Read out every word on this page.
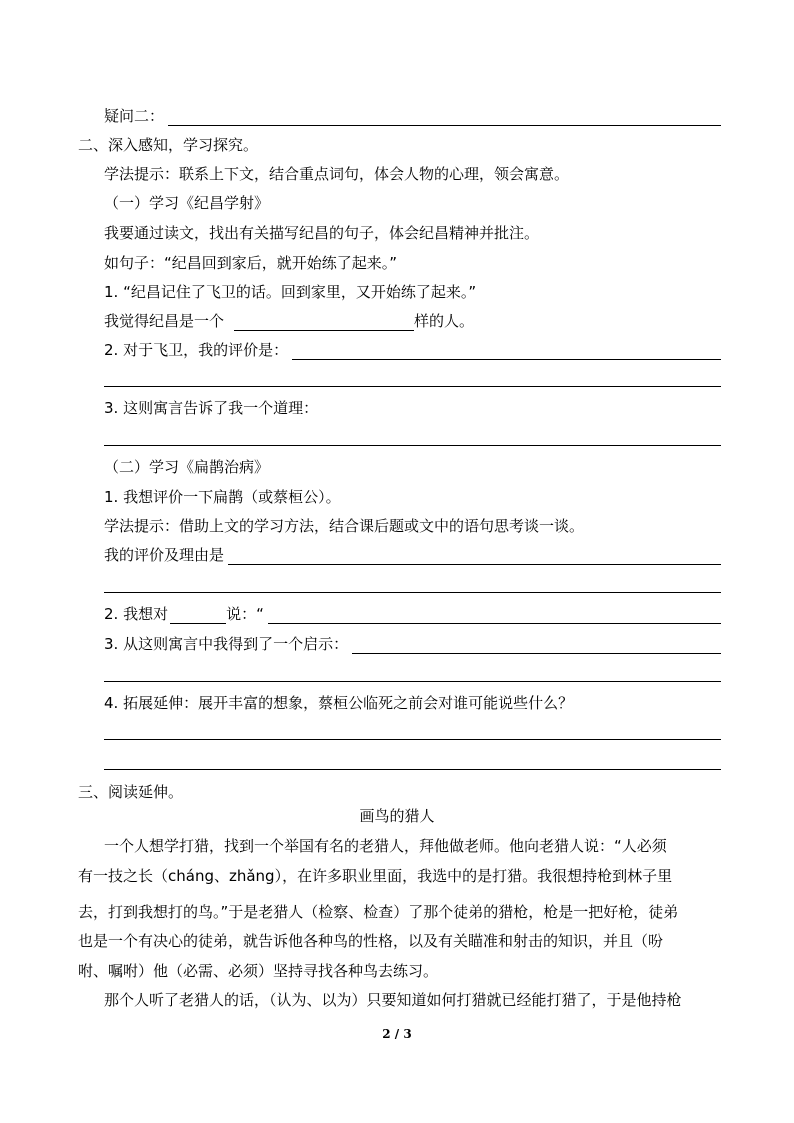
疑问二：
二、深入感知，学习探究。
学法提示：联系上下文，结合重点词句，体会人物的心理，领会寓意。
（一）学习《纪昌学射》
我要通过读文，找出有关描写纪昌的句子，体会纪昌精神并批注。
如句子：“纪昌回到家后，就开始练了起来。”
1. “纪昌记住了飞卫的话。回到家里，又开始练了起来。”
我觉得纪昌是一个	样的人。
2. 对于飞卫，我的评价是：
3. 这则寓言告诉了我一个道理：
（二）学习《扁鹊治病》
1. 我想评价一下扁鹊（或蔡桓公）。
学法提示：借助上文的学习方法，结合课后题或文中的语句思考谈一谈。
我的评价及理由是
2. 我想对	说：“
3. 从这则寓言中我得到了一个启示：
4. 拓展延伸：展开丰富的想象，蔡桓公临死之前会对谁可能说些什么？
三、阅读延伸。
画鸟的猎人
一个人想学打猎，找到一个举国有名的老猎人，拜他做老师。他向老猎人说：“人必须
有一技之长（cháng、zhǎng），在许多职业里面，我选中的是打猎。我很想持枪到林子里
去，打到我想打的鸟。”于是老猎人（检察、检查）了那个徒弟的猎枪，枪是一把好枪，徒弟
也是一个有决心的徒弟，就告诉他各种鸟的性格，以及有关瞄准和射击的知识，并且（吩
咐、嘱咐）他（必需、必须）坚持寻找各种鸟去练习。
那个人听了老猎人的话，（认为、以为）只要知道如何打猎就已经能打猎了，于是他持枪
2 / 3
